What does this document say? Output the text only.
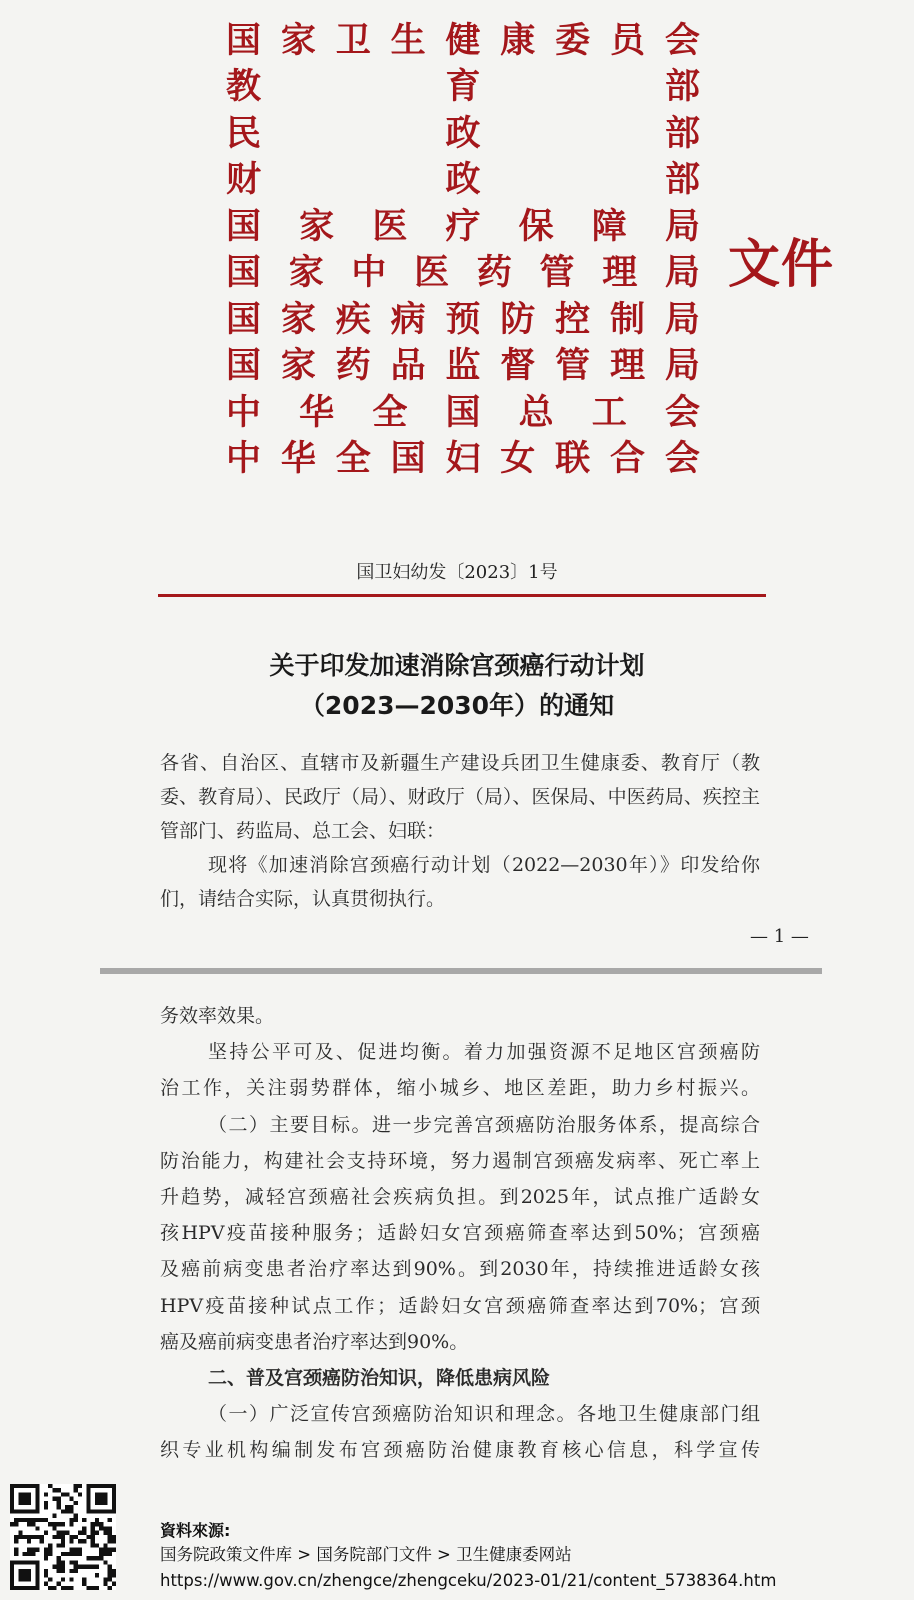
国 家 卫 生 健 康 委 员 会
教	育	部
民	政	部
财	政	部
国 家 医 疗 保 障 局
国 家 中 医 药 管 理 局
国 家 疾 病 预 防 控 制 局
国 家 药 品 监 督 管 理 局
中 华 全 国 总 工 会
中 华 全 国 妇 女 联 合 会
文件
国卫妇幼发〔2023〕1号
关于印发加速消除宫颈癌行动计划
（2023—2030年）的通知
各省、自治区、直辖市及新疆生产建设兵团卫生健康委、教育厅（教
委、教育局）、民政厅（局）、财政厅（局）、医保局、中医药局、疾控主
管部门、药监局、总工会、妇联：
现将《加速消除宫颈癌行动计划（2022—2030年）》印发给你
们，请结合实际，认真贯彻执行。
— 1 —
务效率效果。
坚持公平可及、促进均衡。着力加强资源不足地区宫颈癌防
治工作，关注弱势群体，缩小城乡、地区差距，助力乡村振兴。
（二）主要目标。进一步完善宫颈癌防治服务体系，提高综合
防治能力，构建社会支持环境，努力遏制宫颈癌发病率、死亡率上
升趋势，减轻宫颈癌社会疾病负担。到2025年，试点推广适龄女
孩HPV疫苗接种服务；适龄妇女宫颈癌筛查率达到50%；宫颈癌
及癌前病变患者治疗率达到90%。到2030年，持续推进适龄女孩
HPV疫苗接种试点工作；适龄妇女宫颈癌筛查率达到70%；宫颈
癌及癌前病变患者治疗率达到90%。
二、普及宫颈癌防治知识，降低患病风险
（一）广泛宣传宫颈癌防治知识和理念。各地卫生健康部门组
织专业机构编制发布宫颈癌防治健康教育核心信息，科学宣传
資料來源:
国务院政策文件库 > 国务院部门文件 > 卫生健康委网站
https://www.gov.cn/zhengce/zhengceku/2023-01/21/content_5738364.htm
